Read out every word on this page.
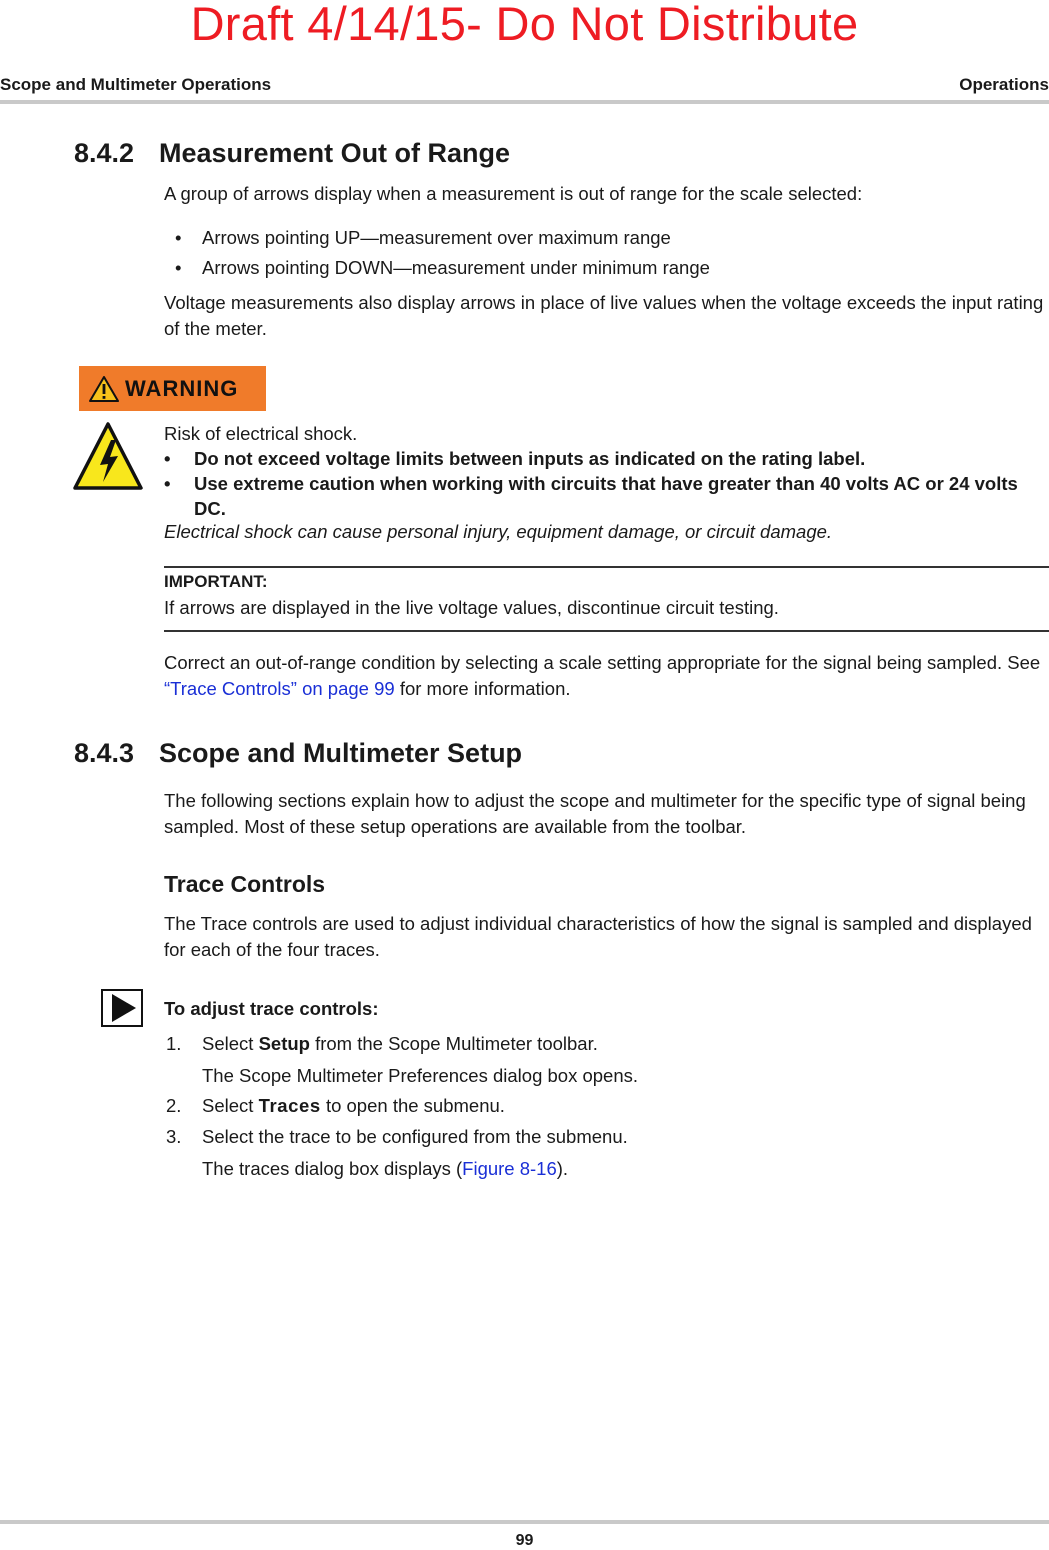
Draft 4/14/15- Do Not Distribute
Scope and Multimeter Operations	Operations
8.4.2 Measurement Out of Range
A group of arrows display when a measurement is out of range for the scale selected:
• Arrows pointing UP—measurement over maximum range
• Arrows pointing DOWN—measurement under minimum range
Voltage measurements also display arrows in place of live values when the voltage exceeds the input rating of the meter.
WARNING
Risk of electrical shock.
• Do not exceed voltage limits between inputs as indicated on the rating label.
• Use extreme caution when working with circuits that have greater than 40 volts AC or 24 volts DC.
Electrical shock can cause personal injury, equipment damage, or circuit damage.
IMPORTANT:
If arrows are displayed in the live voltage values, discontinue circuit testing.
Correct an out-of-range condition by selecting a scale setting appropriate for the signal being sampled. See “Trace Controls” on page 99 for more information.
8.4.3 Scope and Multimeter Setup
The following sections explain how to adjust the scope and multimeter for the specific type of signal being sampled. Most of these setup operations are available from the toolbar.
Trace Controls
The Trace controls are used to adjust individual characteristics of how the signal is sampled and displayed for each of the four traces.
To adjust trace controls:
1. Select Setup from the Scope Multimeter toolbar.
The Scope Multimeter Preferences dialog box opens.
2. Select Traces to open the submenu.
3. Select the trace to be configured from the submenu.
The traces dialog box displays (Figure 8-16).
99
